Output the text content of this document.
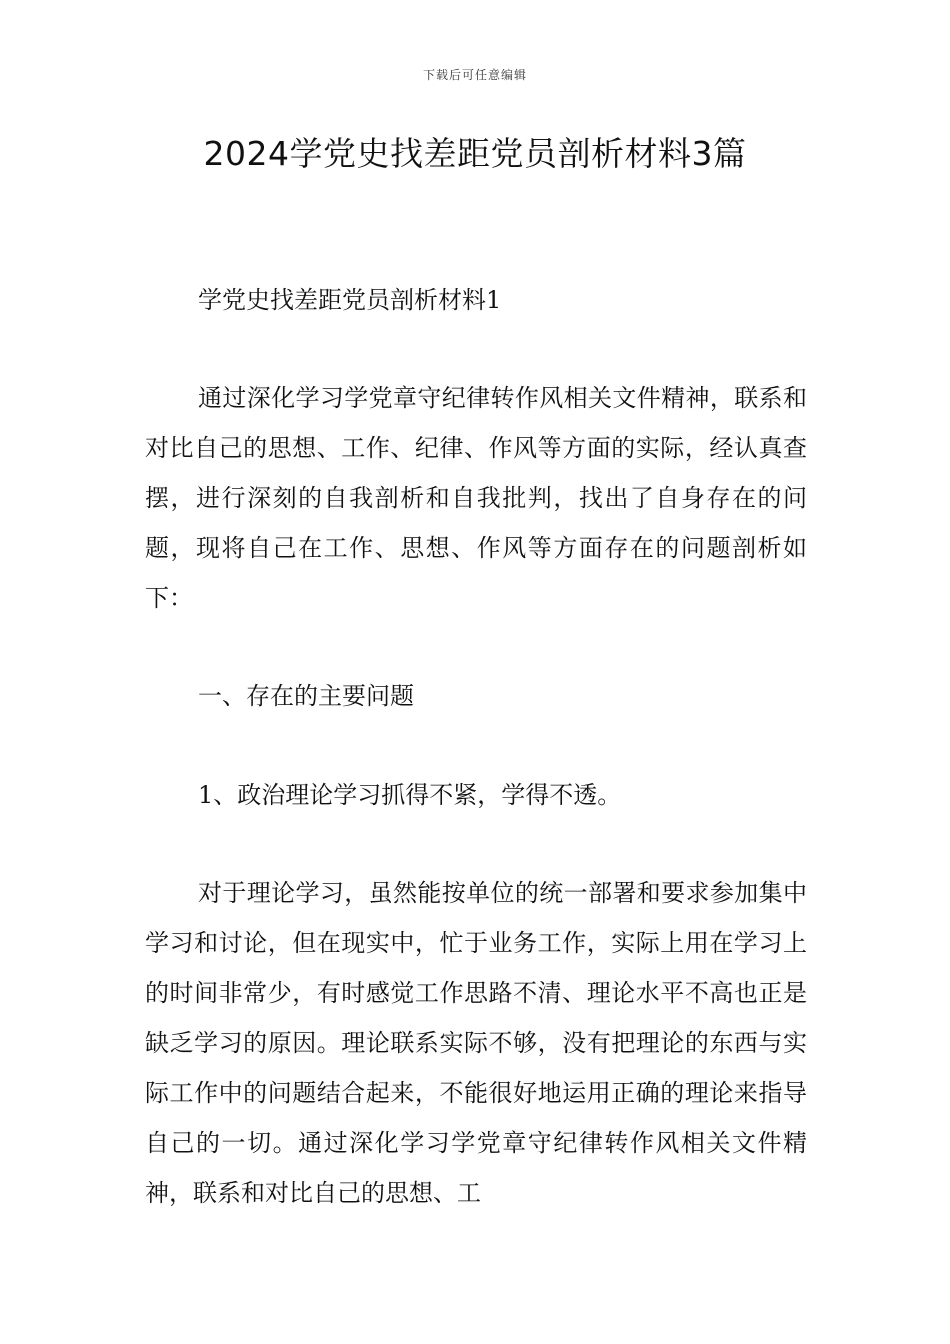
下载后可任意编辑
2024学党史找差距党员剖析材料3篇

学党史找差距党员剖析材料1

通过深化学习学党章守纪律转作风相关文件精神，联系和对比自己的思想、工作、纪律、作风等方面的实际，经认真查摆，进行深刻的自我剖析和自我批判，找出了自身存在的问题，现将自己在工作、思想、作风等方面存在的问题剖析如下：

一、存在的主要问题

1、政治理论学习抓得不紧，学得不透。

对于理论学习，虽然能按单位的统一部署和要求参加集中学习和讨论，但在现实中，忙于业务工作，实际上用在学习上的时间非常少，有时感觉工作思路不清、理论水平不高也正是缺乏学习的原因。理论联系实际不够，没有把理论的东西与实际工作中的问题结合起来，不能很好地运用正确的理论来指导自己的一切。通过深化学习学党章守纪律转作风相关文件精神，联系和对比自己的思想、工
